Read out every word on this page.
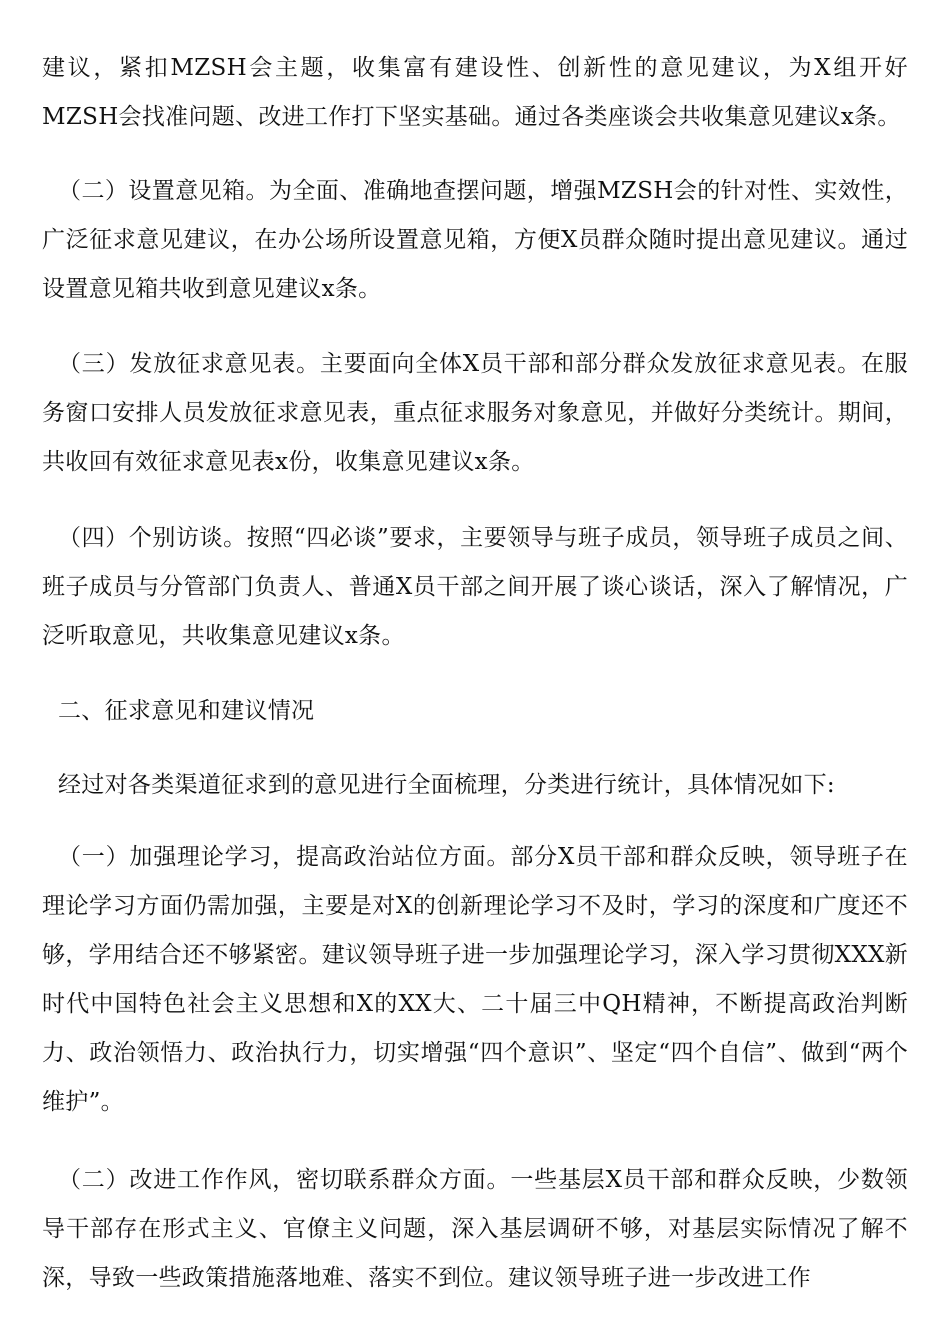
建议，紧扣MZSH会主题，收集富有建设性、创新性的意见建议，为X组开好MZSH会找准问题、改进工作打下坚实基础。通过各类座谈会共收集意见建议x条。

（二）设置意见箱。为全面、准确地查摆问题，增强MZSH会的针对性、实效性，广泛征求意见建议，在办公场所设置意见箱，方便X员群众随时提出意见建议。通过设置意见箱共收到意见建议x条。

（三）发放征求意见表。主要面向全体X员干部和部分群众发放征求意见表。在服务窗口安排人员发放征求意见表，重点征求服务对象意见，并做好分类统计。期间，共收回有效征求意见表x份，收集意见建议x条。

（四）个别访谈。按照“四必谈”要求，主要领导与班子成员，领导班子成员之间、班子成员与分管部门负责人、普通X员干部之间开展了谈心谈话，深入了解情况，广泛听取意见，共收集意见建议x条。

二、征求意见和建议情况

经过对各类渠道征求到的意见进行全面梳理，分类进行统计，具体情况如下:

（一）加强理论学习，提高政治站位方面。部分X员干部和群众反映，领导班子在理论学习方面仍需加强，主要是对X的创新理论学习不及时，学习的深度和广度还不够，学用结合还不够紧密。建议领导班子进一步加强理论学习，深入学习贯彻XXX新时代中国特色社会主义思想和X的XX大、二十届三中QH精神，不断提高政治判断力、政治领悟力、政治执行力，切实增强“四个意识”、坚定“四个自信”、做到“两个维护”。

（二）改进工作作风，密切联系群众方面。一些基层X员干部和群众反映，少数领导干部存在形式主义、官僚主义问题，深入基层调研不够，对基层实际情况了解不深，导致一些政策措施落地难、落实不到位。建议领导班子进一步改进工作
